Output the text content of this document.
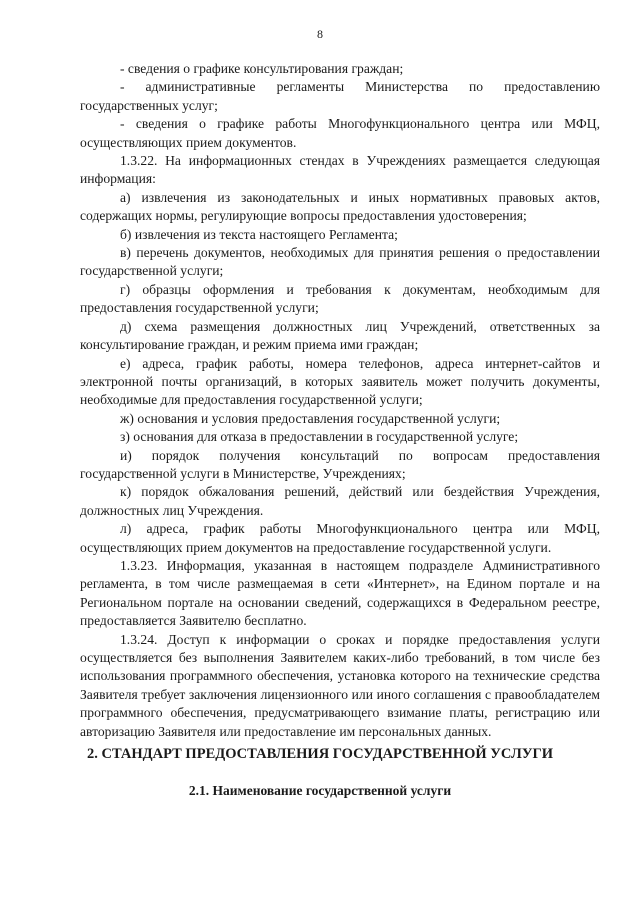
8

- сведения о графике консультирования граждан;

- административные регламенты Министерства по предоставлению государственных услуг;

- сведения о графике работы Многофункционального центра или МФЦ, осуществляющих прием документов.

1.3.22. На информационных стендах в Учреждениях размещается следующая информация:

а) извлечения из законодательных и иных нормативных правовых актов, содержащих нормы, регулирующие вопросы предоставления удостоверения;

б) извлечения из текста настоящего Регламента;

в) перечень документов, необходимых для принятия решения о предоставлении государственной услуги;

г) образцы оформления и требования к документам, необходимым для предоставления государственной услуги;

д) схема размещения должностных лиц Учреждений, ответственных за консультирование граждан, и режим приема ими граждан;

е) адреса, график работы, номера телефонов, адреса интернет-сайтов и электронной почты организаций, в которых заявитель может получить документы, необходимые для предоставления государственной услуги;

ж) основания и условия предоставления государственной услуги;

з) основания для отказа в предоставлении в государственной услуге;

и) порядок получения консультаций по вопросам предоставления государственной услуги в Министерстве, Учреждениях;

к) порядок обжалования решений, действий или бездействия Учреждения, должностных лиц Учреждения.

л) адреса, график работы Многофункционального центра или МФЦ, осуществляющих прием документов на предоставление государственной услуги.

1.3.23. Информация, указанная в настоящем подразделе Административного регламента, в том числе размещаемая в сети «Интернет», на Едином портале и на Региональном портале на основании сведений, содержащихся в Федеральном реестре, предоставляется Заявителю бесплатно.

1.3.24. Доступ к информации о сроках и порядке предоставления услуги осуществляется без выполнения Заявителем каких-либо требований, в том числе без использования программного обеспечения, установка которого на технические средства Заявителя требует заключения лицензионного или иного соглашения с правообладателем программного обеспечения, предусматривающего взимание платы, регистрацию или авторизацию Заявителя или предоставление им персональных данных.

2. СТАНДАРТ ПРЕДОСТАВЛЕНИЯ ГОСУДАРСТВЕННОЙ УСЛУГИ
2.1. Наименование государственной услуги
